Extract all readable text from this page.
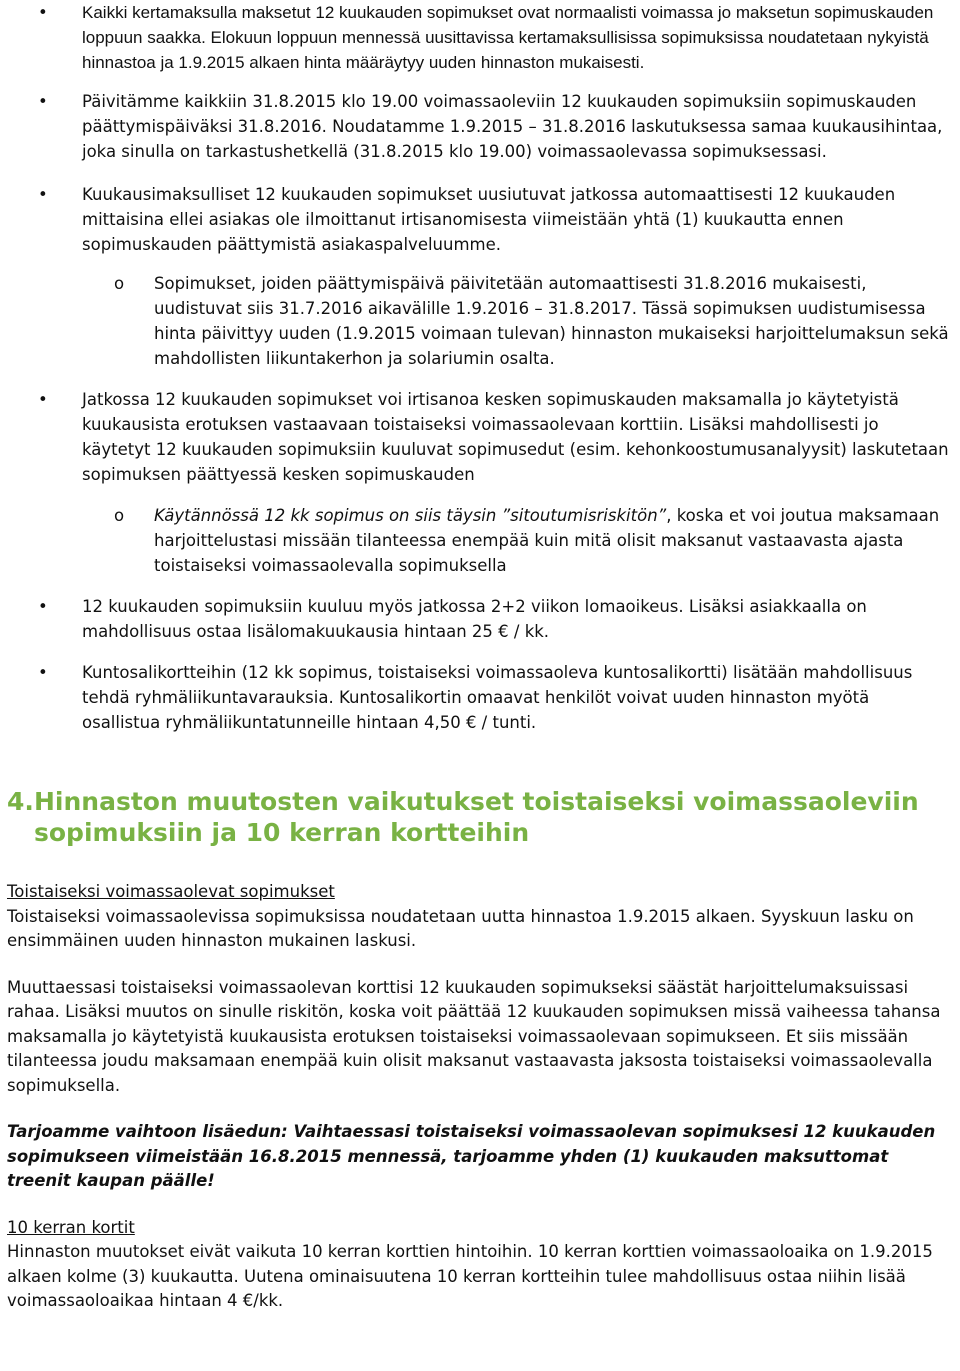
• Kaikki kertamaksulla maksetut 12 kuukauden sopimukset ovat normaalisti voimassa jo maksetun sopimuskauden loppuun saakka. Elokuun loppuun mennessä uusittavissa kertamaksullisissa sopimuksissa noudatetaan nykyistä hinnastoa ja 1.9.2015 alkaen hinta määräytyy uuden hinnaston mukaisesti.
• Päivitämme kaikkiin 31.8.2015 klo 19.00 voimassaoleviin 12 kuukauden sopimuksiin sopimuskauden päättymispäiväksi 31.8.2016. Noudatamme 1.9.2015 – 31.8.2016 laskutuksessa samaa kuukausihintaa, joka sinulla on tarkastushetkellä (31.8.2015 klo 19.00) voimassaolevassa sopimuksessasi.
• Kuukausimaksulliset 12 kuukauden sopimukset uusiutuvat jatkossa automaattisesti 12 kuukauden mittaisina ellei asiakas ole ilmoittanut irtisanomisesta viimeistään yhtä (1) kuukautta ennen sopimuskauden päättymistä asiakaspalveluumme.
o Sopimukset, joiden päättymispäivä päivitetään automaattisesti 31.8.2016 mukaisesti, uudistuvat siis 31.7.2016 aikavälille 1.9.2016 – 31.8.2017. Tässä sopimuksen uudistumisessa hinta päivittyy uuden (1.9.2015 voimaan tulevan) hinnaston mukaiseksi harjoittelumaksun sekä mahdollisten liikuntakerhon ja solariumin osalta.
• Jatkossa 12 kuukauden sopimukset voi irtisanoa kesken sopimuskauden maksamalla jo käytetyistä kuukausista erotuksen vastaavaan toistaiseksi voimassaolevaan korttiin. Lisäksi mahdollisesti jo käytetyt 12 kuukauden sopimuksiin kuuluvat sopimusedut (esim. kehonkoostumusanalyysit) laskutetaan sopimuksen päättyessä kesken sopimuskauden
o Käytännössä 12 kk sopimus on siis täysin ”sitoutumisriskitön”, koska et voi joutua maksamaan harjoittelustasi missään tilanteessa enempää kuin mitä olisit maksanut vastaavasta ajasta toistaiseksi voimassaolevalla sopimuksella
• 12 kuukauden sopimuksiin kuuluu myös jatkossa 2+2 viikon lomaoikeus. Lisäksi asiakkaalla on mahdollisuus ostaa lisälomakuukausia hintaan 25 € / kk.
• Kuntosalikortteihin (12 kk sopimus, toistaiseksi voimassaoleva kuntosalikortti) lisätään mahdollisuus tehdä ryhmäliikuntavarauksia. Kuntosalikortin omaavat henkilöt voivat uuden hinnaston myötä osallistua ryhmäliikuntatunneille hintaan 4,50 € / tunti.
4. Hinnaston muutosten vaikutukset toistaiseksi voimassaoleviin sopimuksiin ja 10 kerran kortteihin
Toistaiseksi voimassaolevat sopimukset
Toistaiseksi voimassaolevissa sopimuksissa noudatetaan uutta hinnastoa 1.9.2015 alkaen. Syyskuun lasku on ensimmäinen uuden hinnaston mukainen laskusi.
Muuttaessasi toistaiseksi voimassaolevan korttisi 12 kuukauden sopimukseksi säästät harjoittelumaksuissasi rahaa. Lisäksi muutos on sinulle riskitön, koska voit päättää 12 kuukauden sopimuksen missä vaiheessa tahansa maksamalla jo käytetyistä kuukausista erotuksen toistaiseksi voimassaolevaan sopimukseen. Et siis missään tilanteessa joudu maksamaan enempää kuin olisit maksanut vastaavasta jaksosta toistaiseksi voimassaolevalla sopimuksella.
Tarjoamme vaihtoon lisäedun: Vaihtaessasi toistaiseksi voimassaolevan sopimuksesi 12 kuukauden sopimukseen viimeistään 16.8.2015 mennessä, tarjoamme yhden (1) kuukauden maksuttomat treenit kaupan päälle!
10 kerran kortit
Hinnaston muutokset eivät vaikuta 10 kerran korttien hintoihin. 10 kerran korttien voimassaoloaika on 1.9.2015 alkaen kolme (3) kuukautta. Uutena ominaisuutena 10 kerran kortteihin tulee mahdollisuus ostaa niihin lisää voimassaoloaikaa hintaan 4 €/kk.
